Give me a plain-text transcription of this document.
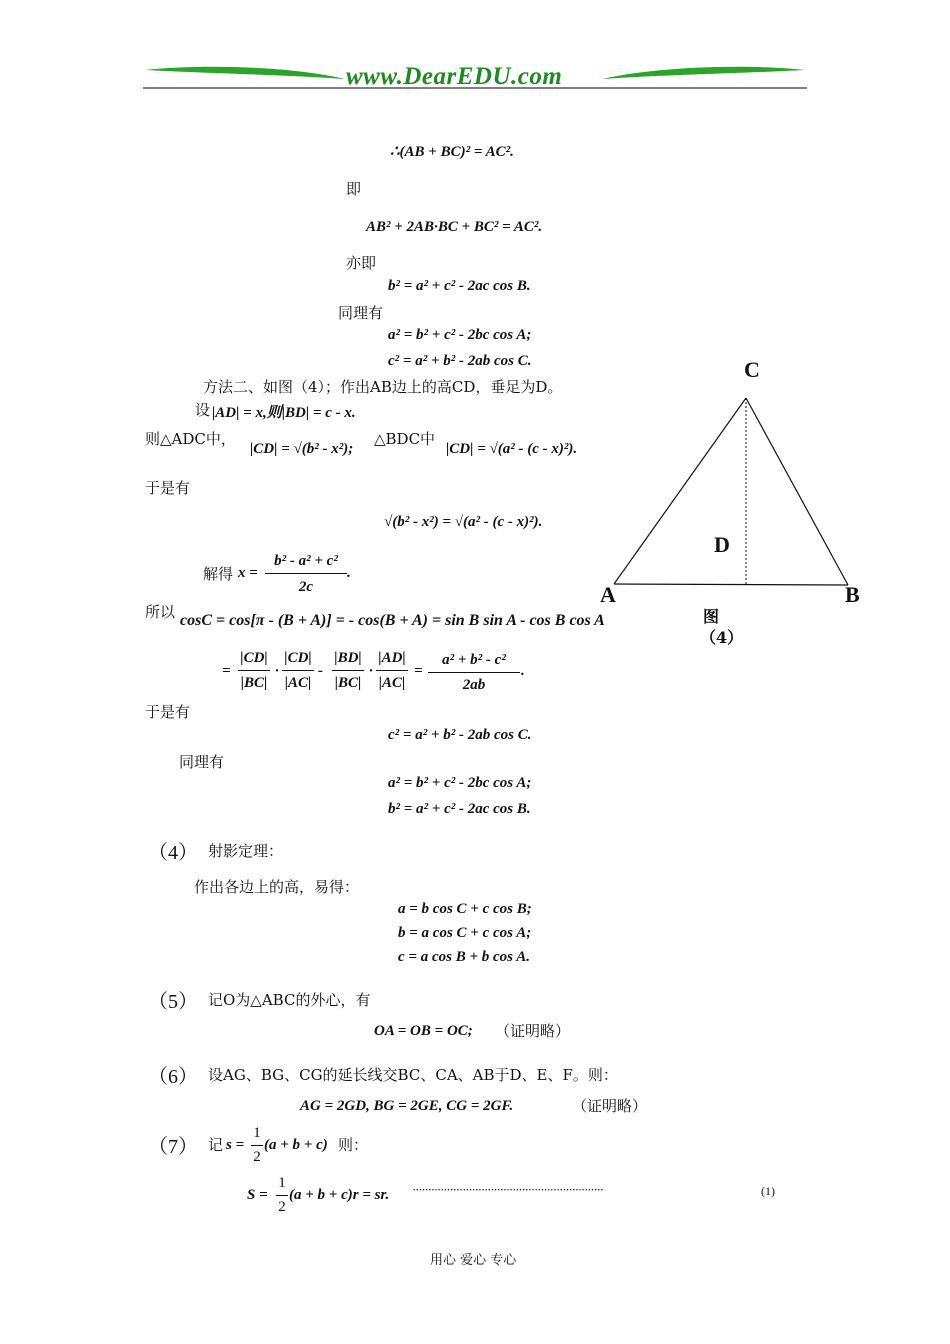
www.DearEDU.com
∴(AB + BC)² = AC².
即
AB² + 2AB·BC + BC² = AC².
亦即
b² = a² + c² - 2ac cos B.
同理有
a² = b² + c² - 2bc cos A;
c² = a² + b² - 2ab cos C.
方法二、如图（4）；作出AB边上的高CD，垂足为D。
设 |AD| = x,则|BD| = c - x.
则△ADC中，
|CD| = √(b² - x²);
△BDC中
|CD| = √(a² - (c - x)²).
于是有
√(b² - x²) = √(a² - (c - x)²).
解得 x =
b² - a² + c²
2c
.
所以 cosC = cos[π - (B + A)] = - cos(B + A) = sin B sin A - cos B cos A
=
|CD|
|BC|
·
|CD|
|AC|
-
|BD|
|BC|
·
|AD|
|AC|
=
a² + b² - c²
2ab
.
于是有
c² = a² + b² - 2ab cos C.
同理有
a² = b² + c² - 2bc cos A;
b² = a² + c² - 2ac cos B.
C
D
A	B
图
（4）
（4） 射影定理：
作出各边上的高，易得：
a = b cos C + c cos B;
b = a cos C + c cos A;
c = a cos B + b cos A.
（5） 记O为△ABC的外心，有
OA = OB = OC; （证明略）
（6） 设AG、BG、CG的延长线交BC、CA、AB于D、E、F。则：
AG = 2GD, BG = 2GE, CG = 2GF.	（证明略）
（7） 记 s =
1
2
(a + b + c) 则：
S =
1
2
(a + b + c)r = sr. ·····························································	(1)
用心 爱心 专心
